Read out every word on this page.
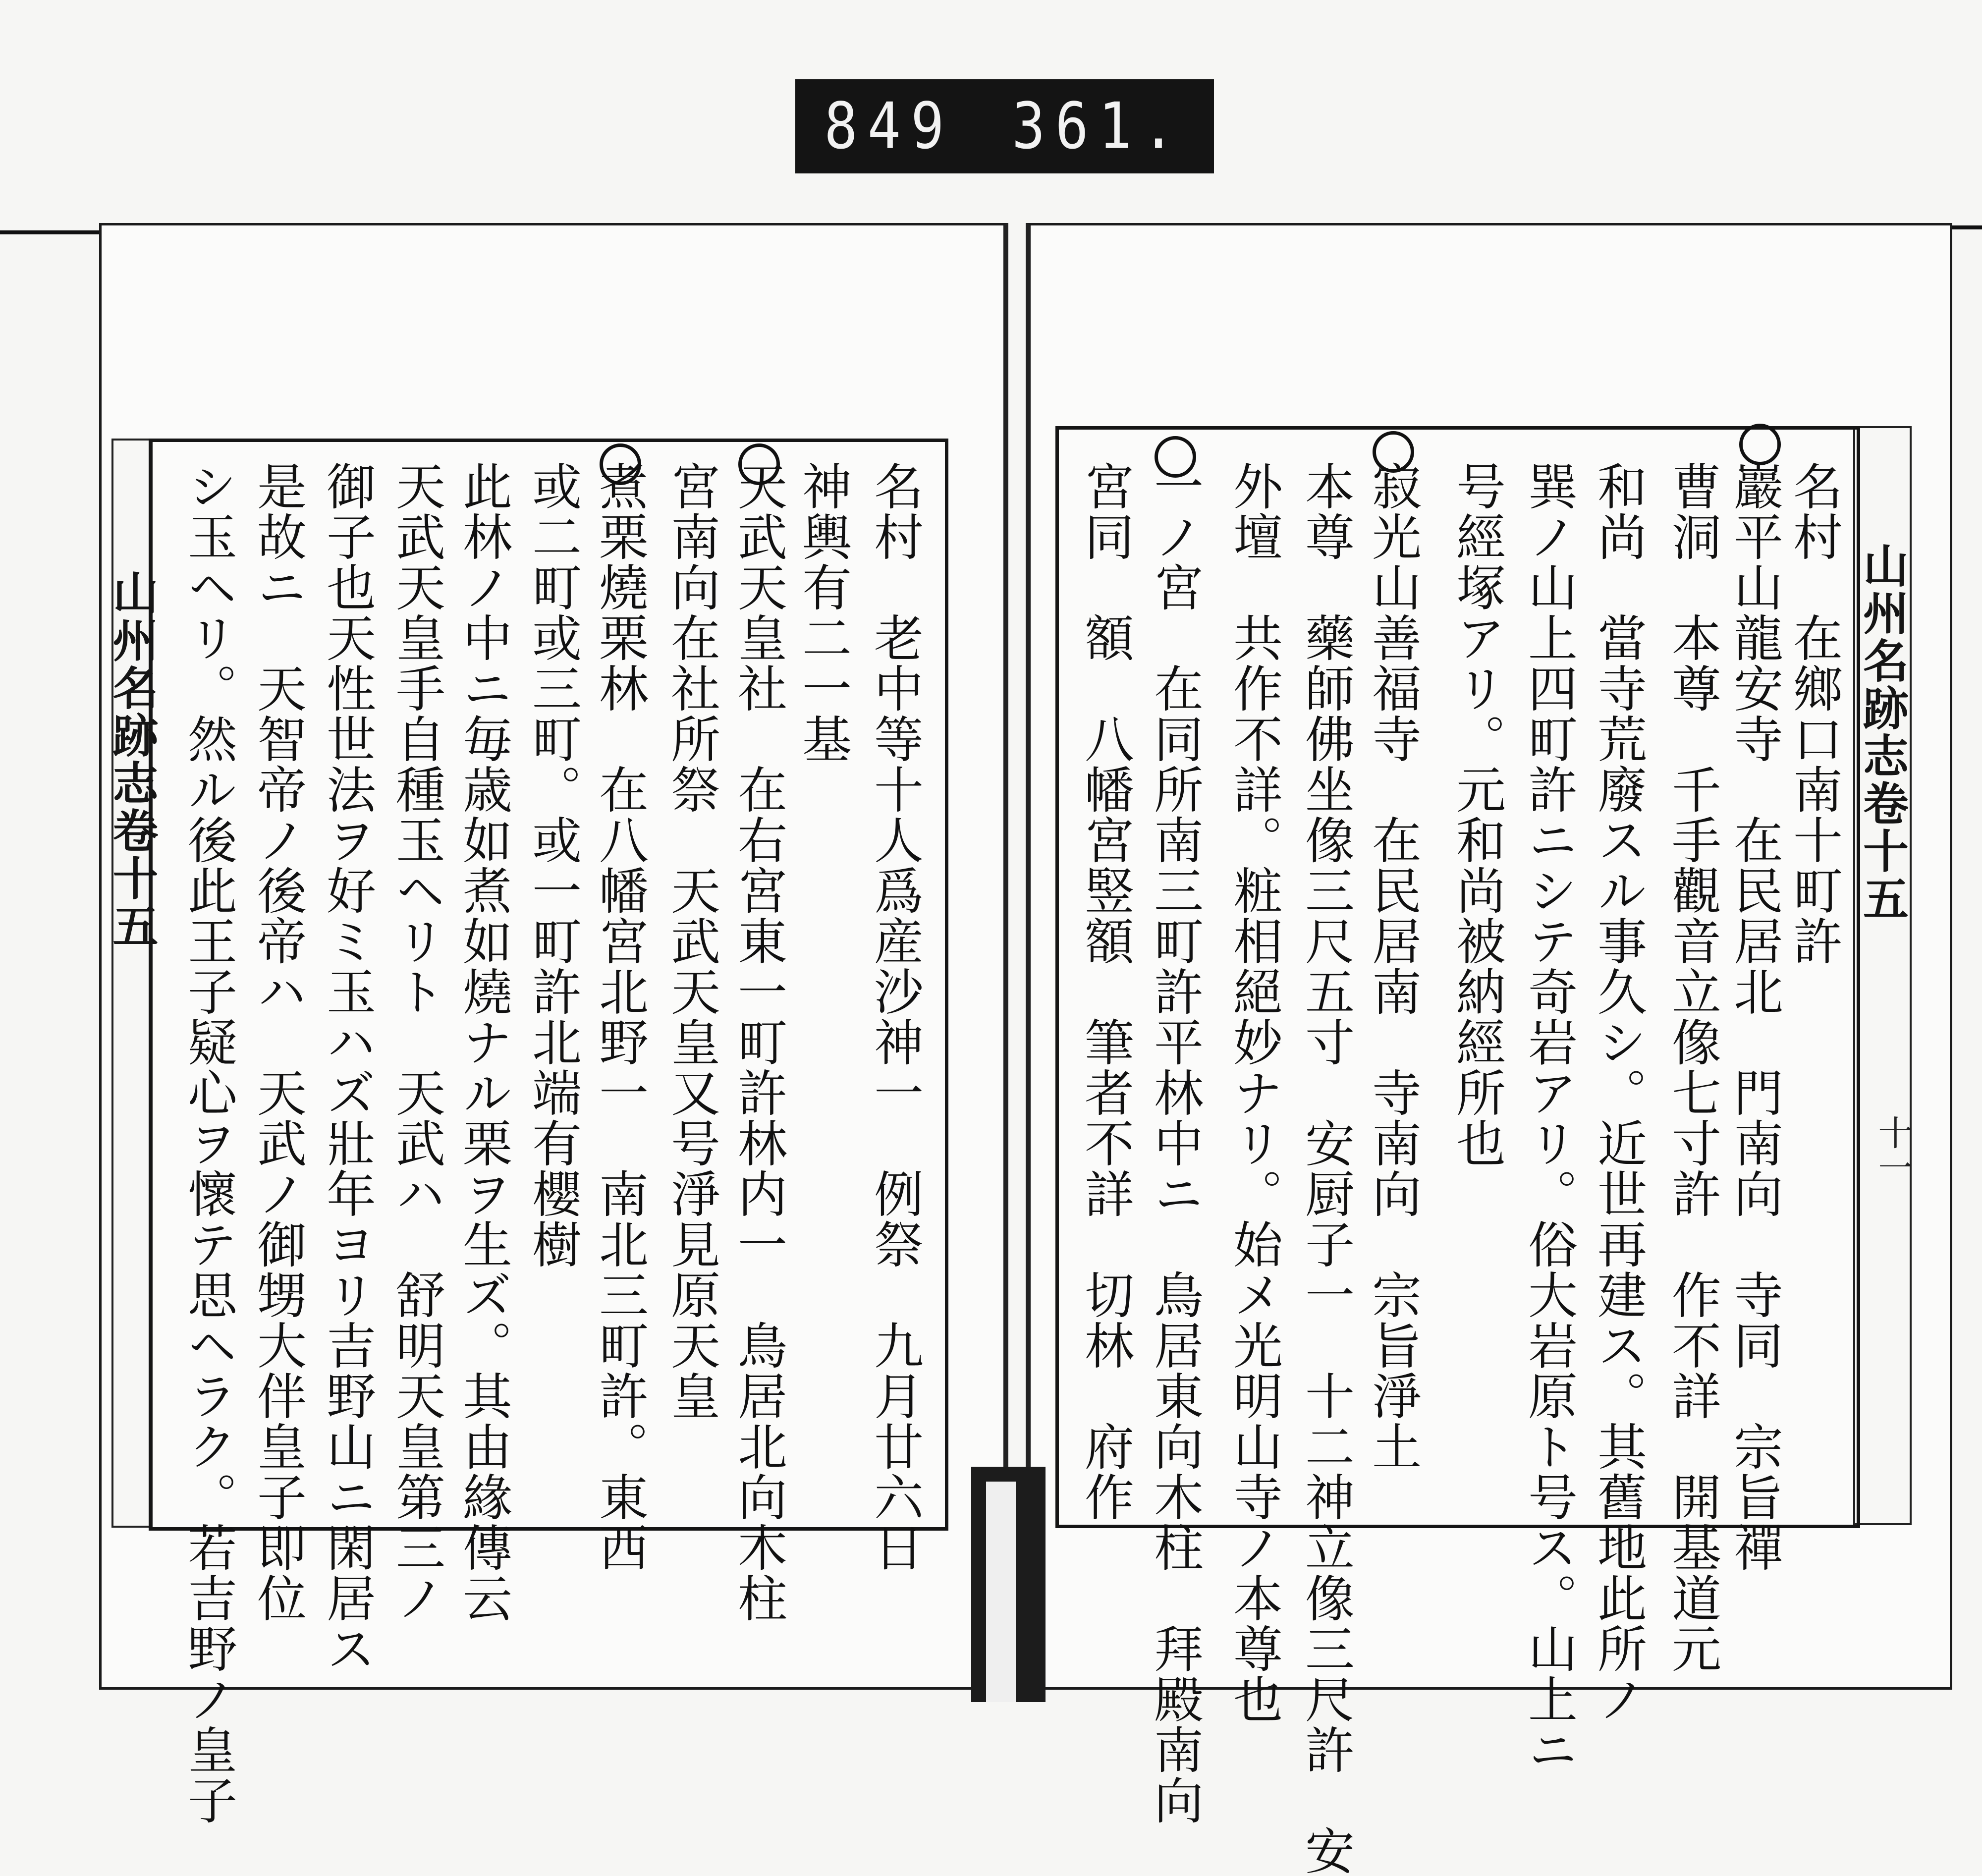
849 361.
山州名跡志卷十五	山州名跡志卷十五
十一
名村　老中等十人爲産沙神一　例祭　九月廿六日
神輿有二一基
天武天皇社　在右宮東一町許林内一　鳥居北向木柱
宮南向在社所祭　天武天皇又号淨見原天皇
煮栗燒栗林　在八幡宮北野一　南北三町許。東西
或二町或三町。或一町許北端有櫻樹
此林ノ中ニ毎歳如煮如燒ナル栗ヲ生ズ。其由緣傳云
天武天皇手自種玉ヘリト　天武ハ　舒明天皇第三ノ
御子也天性世法ヲ好ミ玉ハズ壯年ヨリ吉野山ニ閑居ス
是故ニ　天智帝ノ後帝ハ　天武ノ御甥大伴皇子即位
シ玉ヘリ。然ル後此王子疑心ヲ懷テ思ヘラク。若吉野ノ皇子	名村　在鄉口南十町許
巖平山龍安寺　在民居北　門南向　寺同　宗旨禪
曹洞　本尊　千手觀音立像七寸許　作不詳　開基道元
和尚　當寺荒廢スル事久シ。近世再建ス。其舊地此所ノ
巽ノ山上四町許ニシテ奇岩アリ。俗大岩原ト号ス。山上ニ
号經塚アリ。元和尚被納經所也
寂光山善福寺　在民居南　寺南向　宗旨淨土
本尊　藥師佛坐像三尺五寸　安厨子一　十二神立像三尺許　安
外壇　共作不詳。粧相絕妙ナリ。始メ光明山寺ノ本尊也
一ノ宮　在同所南三町許平林中ニ　鳥居東向木柱　拜殿南向
宮同　額　八幡宮竪額　筆者不詳　切林　府作
